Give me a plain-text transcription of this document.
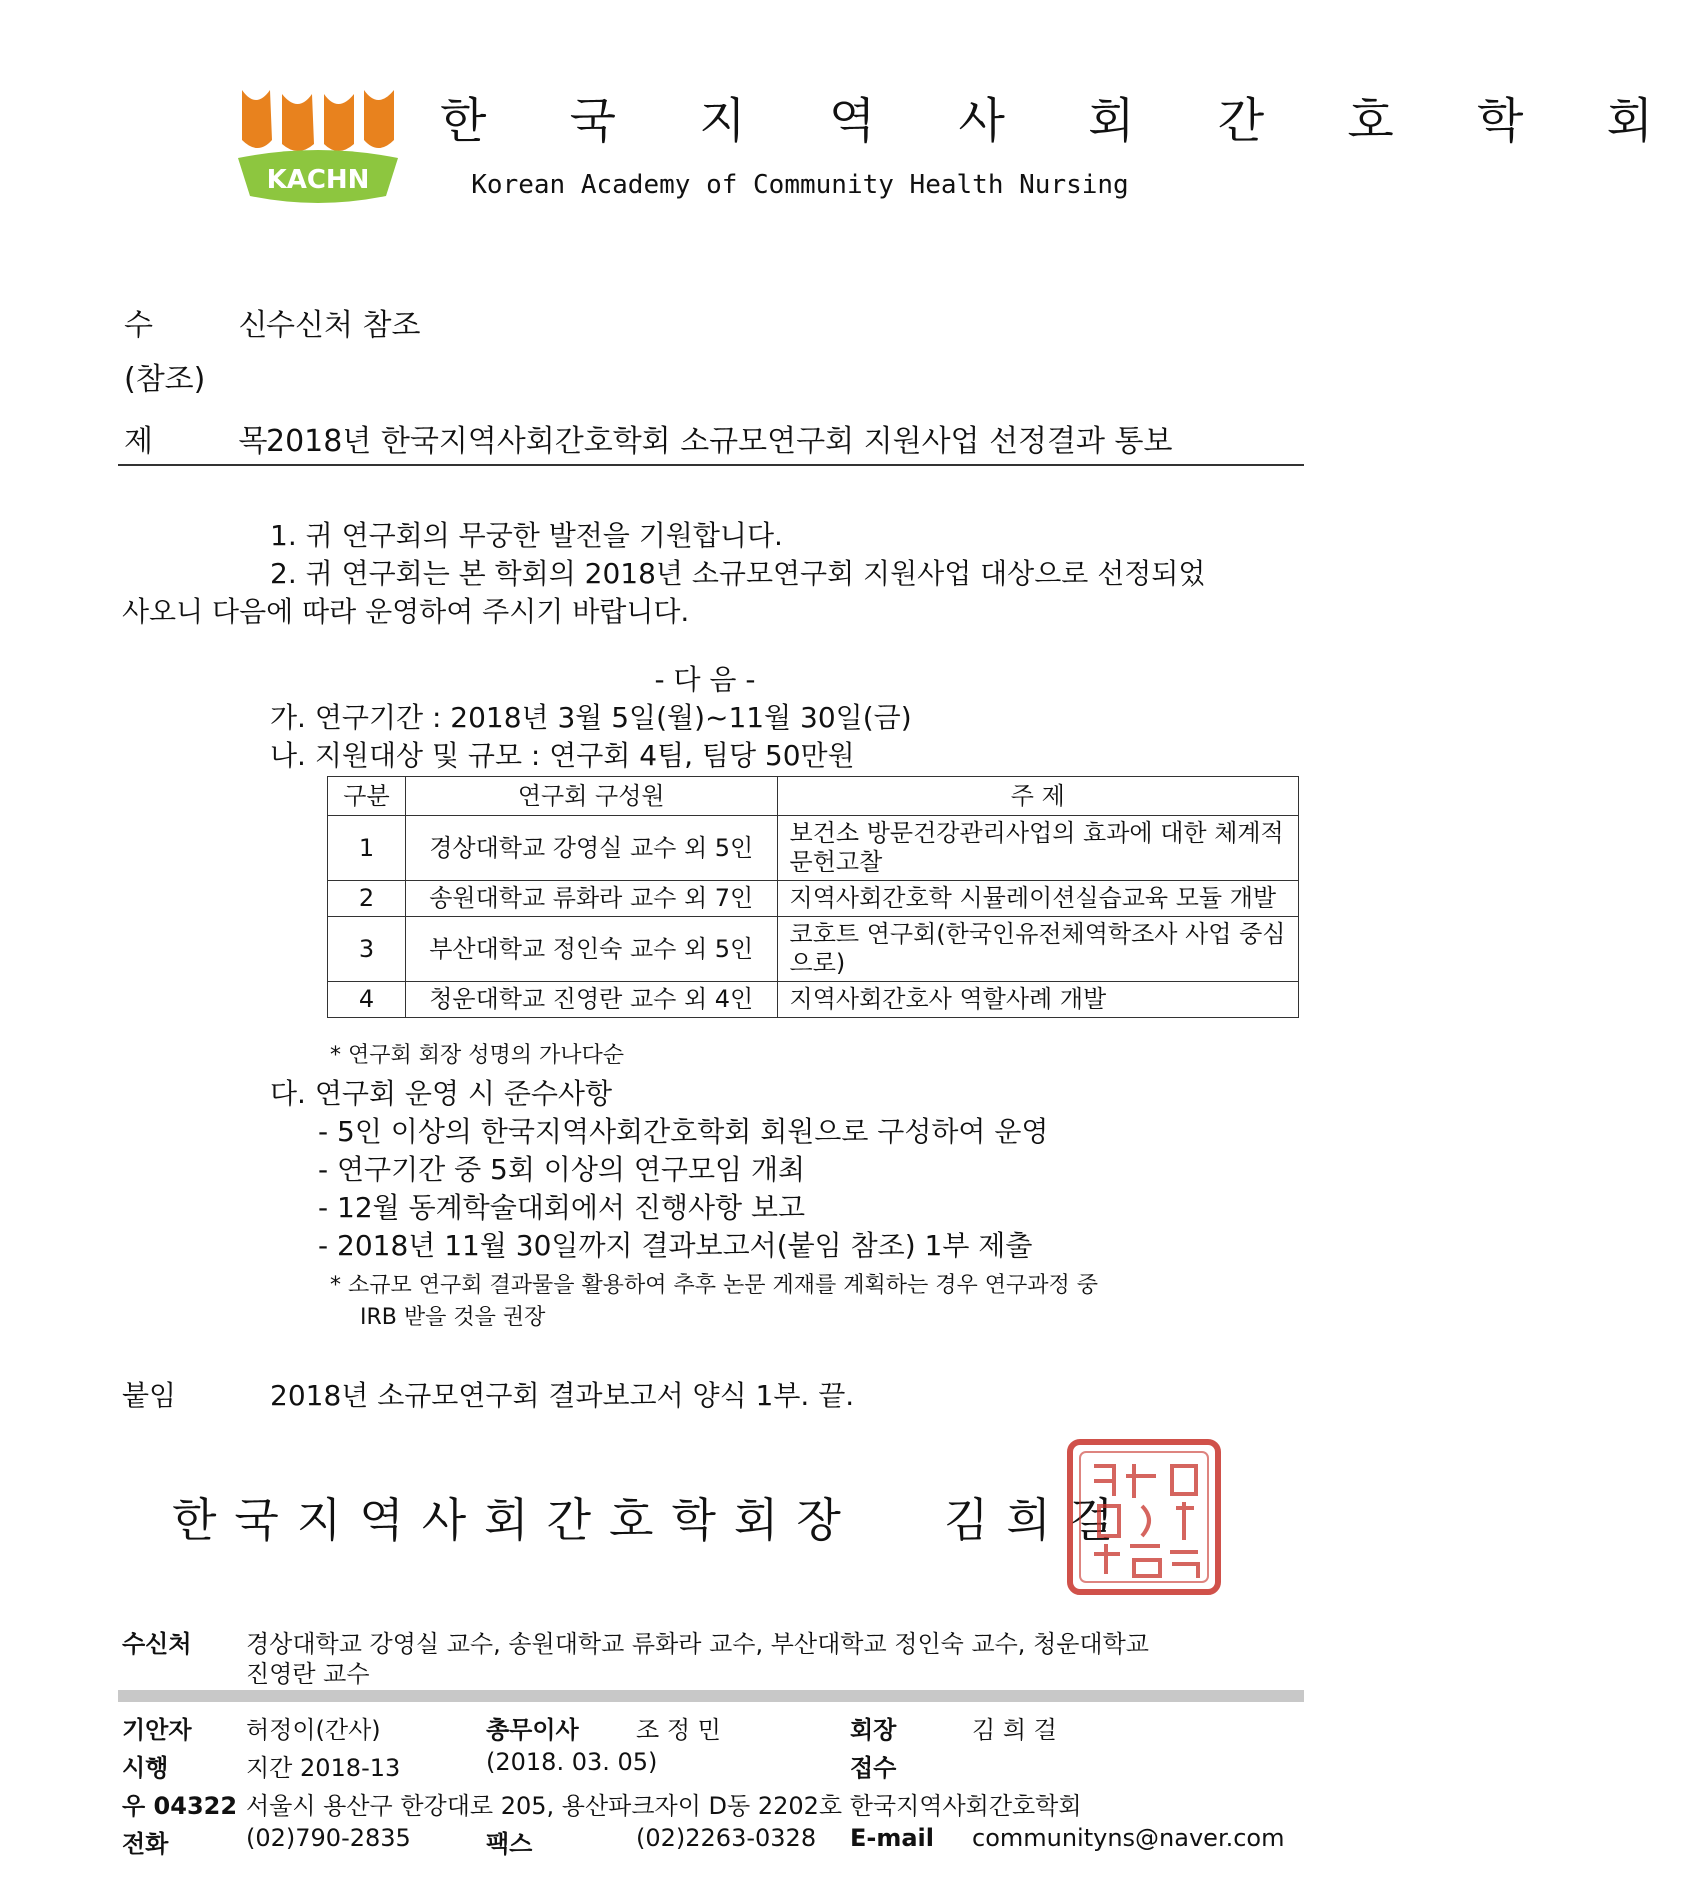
KACHN
한 국 지 역 사 회 간 호 학 회
Korean Academy of Community Health Nursing
수 신
수신처 참조
(참조)
제 목
2018년 한국지역사회간호학회 소규모연구회 지원사업 선정결과 통보
1. 귀 연구회의 무궁한 발전을 기원합니다.
2. 귀 연구회는 본 학회의 2018년 소규모연구회 지원사업 대상으로 선정되었
사오니 다음에 따라 운영하여 주시기 바랍니다.
- 다 음 -
가. 연구기간 : 2018년 3월 5일(월)~11월 30일(금)
나. 지원대상 및 규모 : 연구회 4팀, 팀당 50만원
구분	연구회 구성원	주 제
1	경상대학교 강영실 교수 외 5인	보건소 방문건강관리사업의 효과에 대한 체계적 문헌고찰
2	송원대학교 류화라 교수 외 7인	지역사회간호학 시뮬레이션실습교육 모듈 개발
3	부산대학교 정인숙 교수 외 5인	코호트 연구회(한국인유전체역학조사 사업 중심으로)
4	청운대학교 진영란 교수 외 4인	지역사회간호사 역할사례 개발
* 연구회 회장 성명의 가나다순
다. 연구회 운영 시 준수사항
- 5인 이상의 한국지역사회간호학회 회원으로 구성하여 운영
- 연구기간 중 5회 이상의 연구모임 개최
- 12월 동계학술대회에서 진행사항 보고
- 2018년 11월 30일까지 결과보고서(붙임 참조) 1부 제출
* 소규모 연구회 결과물을 활용하여 추후 논문 게재를 계획하는 경우 연구과정 중
IRB 받을 것을 권장
붙임	2018년 소규모연구회 결과보고서 양식 1부. 끝.
한국지역사회간호학회장 김희걸
수신처 경상대학교 강영실 교수, 송원대학교 류화라 교수, 부산대학교 정인숙 교수, 청운대학교
진영란 교수
기안자 허정이(간사)	총무이사 조 정 민	회장	김 희 걸
시행	지간 2018-13	(2018. 03. 05)	접수
우 04322 서울시 용산구 한강대로 205, 용산파크자이 D동 2202호 한국지역사회간호학회
전화	(02)790-2835	팩스	(02)2263-0328 E-mail communityns@naver.com
